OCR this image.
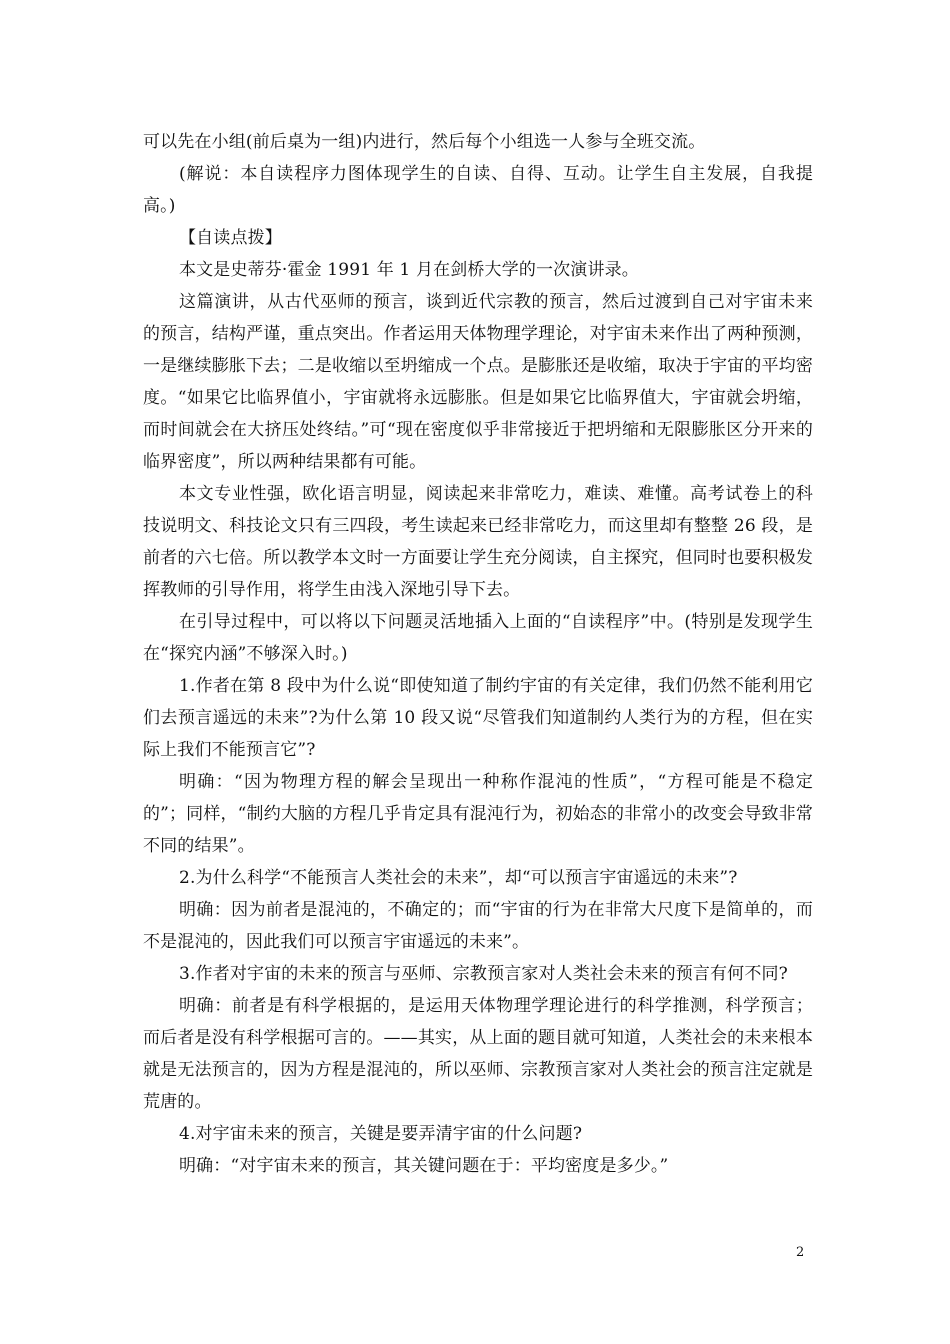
可以先在小组(前后桌为一组)内进行，然后每个小组选一人参与全班交流。

(解说：本自读程序力图体现学生的自读、自得、互动。让学生自主发展，自我提高。)

【自读点拨】

本文是史蒂芬·霍金 1991 年 1 月在剑桥大学的一次演讲录。

这篇演讲，从古代巫师的预言，谈到近代宗教的预言，然后过渡到自己对宇宙未来的预言，结构严谨，重点突出。作者运用天体物理学理论，对宇宙未来作出了两种预测，一是继续膨胀下去；二是收缩以至坍缩成一个点。是膨胀还是收缩，取决于宇宙的平均密度。“如果它比临界值小，宇宙就将永远膨胀。但是如果它比临界值大，宇宙就会坍缩，而时间就会在大挤压处终结。”可“现在密度似乎非常接近于把坍缩和无限膨胀区分开来的临界密度”，所以两种结果都有可能。

本文专业性强，欧化语言明显，阅读起来非常吃力，难读、难懂。高考试卷上的科技说明文、科技论文只有三四段，考生读起来已经非常吃力，而这里却有整整 26 段，是前者的六七倍。所以教学本文时一方面要让学生充分阅读，自主探究，但同时也要积极发挥教师的引导作用，将学生由浅入深地引导下去。

在引导过程中，可以将以下问题灵活地插入上面的“自读程序”中。(特别是发现学生在“探究内涵”不够深入时。)

1.作者在第 8 段中为什么说“即使知道了制约宇宙的有关定律，我们仍然不能利用它们去预言遥远的未来”?为什么第 10 段又说“尽管我们知道制约人类行为的方程，但在实际上我们不能预言它”?

明确：“因为物理方程的解会呈现出一种称作混沌的性质”，“方程可能是不稳定的”；同样，“制约大脑的方程几乎肯定具有混沌行为，初始态的非常小的改变会导致非常不同的结果”。

2.为什么科学“不能预言人类社会的未来”，却“可以预言宇宙遥远的未来”?

明确：因为前者是混沌的，不确定的；而“宇宙的行为在非常大尺度下是简单的，而不是混沌的，因此我们可以预言宇宙遥远的未来”。

3.作者对宇宙的未来的预言与巫师、宗教预言家对人类社会未来的预言有何不同?

明确：前者是有科学根据的，是运用天体物理学理论进行的科学推测，科学预言；而后者是没有科学根据可言的。——其实，从上面的题目就可知道，人类社会的未来根本就是无法预言的，因为方程是混沌的，所以巫师、宗教预言家对人类社会的预言注定就是荒唐的。

4.对宇宙未来的预言，关键是要弄清宇宙的什么问题?

明确：“对宇宙未来的预言，其关键问题在于：平均密度是多少。”

2
